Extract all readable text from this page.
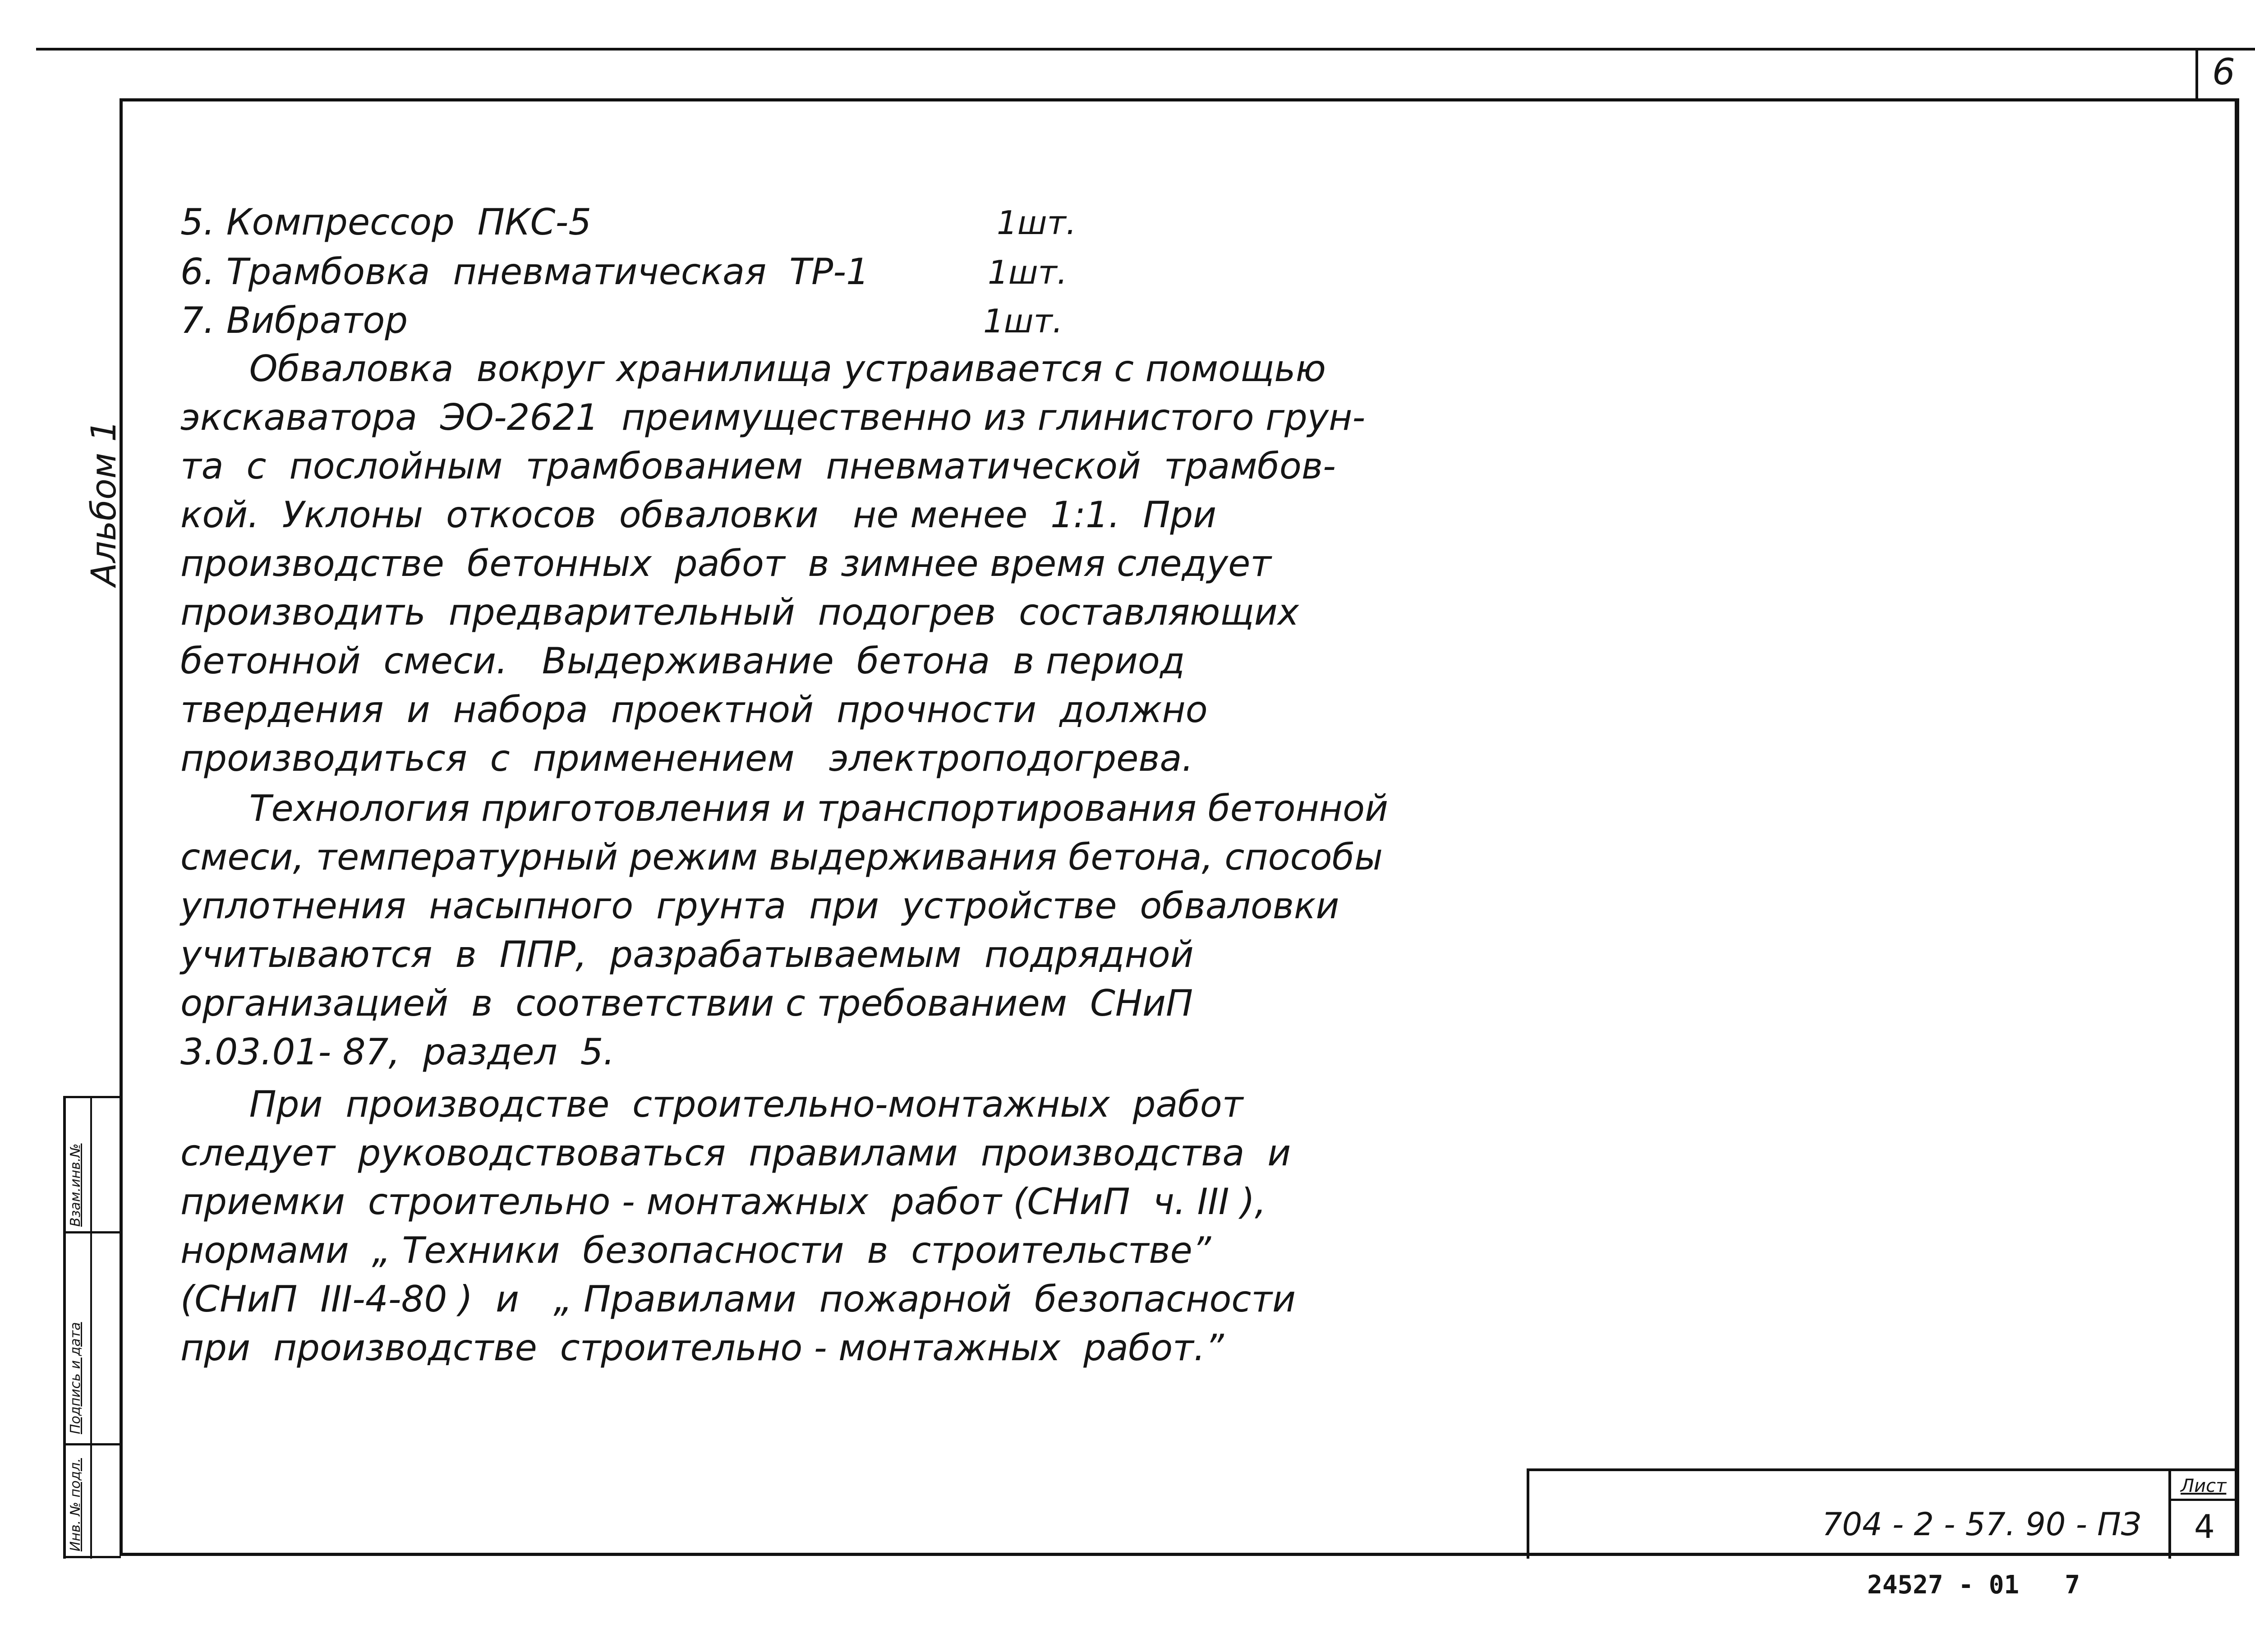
6
5. Компрессор  ПКС-5	1шт.
6. Трамбовка  пневматическая  ТР-1	1шт.
7. Вибратор	1шт.
Обваловка  вокруг хранилища устраивается с помощью
экскаватора  ЭО-2621  преимущественно из глинистого грун-
та  с  послойным  трамбованием  пневматической  трамбов-
кой.  Уклоны  откосов  обваловки   не менее  1:1.  При
производстве  бетонных  работ  в зимнее время следует
производить  предварительный  подогрев  составляющих
бетонной  смеси.   Выдерживание  бетона  в период
твердения  и  набора  проектной  прочности  должно
производиться  с  применением   электроподогрева.
Технология приготовления и транспортирования бетонной
смеси, температурный режим выдерживания бетона, способы
уплотнения  насыпного  грунта  при  устройстве  обваловки
учитываются  в  ППР,  разрабатываемым  подрядной
организацией  в  соответствии с требованием  СНиП
3.03.01- 87,  раздел  5.
При  производстве  строительно-монтажных  работ
следует  руководствоваться  правилами  производства  и
приемки  строительно - монтажных  работ (СНиП  ч. III ),
нормами  „ Техники  безопасности  в  строительстве”
(СНиП  III-4-80 )  и   „ Правилами  пожарной  безопасности
при  производстве  строительно - монтажных  работ.”
Альбом 1
Взам.инв.№
Подпись и дата
Инв. № подл.	704 - 2 - 57. 90 - ПЗ
Лист
4
24527 - 01   7
